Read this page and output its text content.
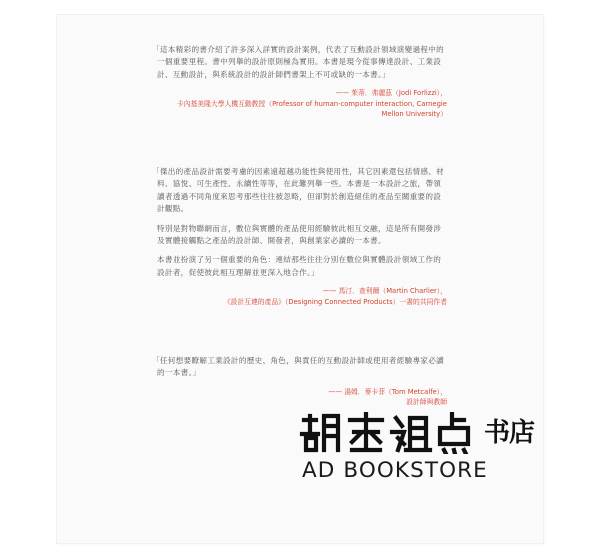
「這本精彩的書介紹了許多深入詳實的設計案例，代表了互動設計領域演變過程中的一個重要里程。書中列舉的設計原則極為實用。本書是現今從事傳達設計、工業設計、互動設計，與系統設計的設計師們書架上不可或缺的一本書。」

—— 茱蒂．弗麗茲（Jodi Forlizzi），

卡內基美隆大學人機互動教授（Professor of human-computer interaction, Carnegie Mellon University）

「傑出的產品設計需要考慮的因素遠超越功能性與使用性，其它因素還包括情感、材料、協悅、可生產性、永續性等等，在此難列舉一些。本書是一本設計之旅，帶領讀者透過不同角度來思考那些往往被忽略，但卻對於創造絕佳的產品至關重要的設計觀點。

特別是對物聯網而言，數位與實體的產品使用經驗彼此相互交融，這是所有開發涉及實體接觸點之產品的設計師、開發者，與創業家必讀的一本書。

本書並扮演了另一個重要的角色：連結那些往往分別在數位與實體設計領域工作的設計者，促使彼此相互理解並更深入地合作。」

—— 馬汀．查利爾（Martin Charlier），

《設計互連的產品》（Designing Connected Products）一書的共同作者

「任何想要瞭解工業設計的歷史、角色，與責任的互動設計師或使用者經驗專家必讀的一本書。」

—— 湯姆．麥卡菲（Tom Metcalfe），

設計師與教師

书店
AD BOOKSTORE
